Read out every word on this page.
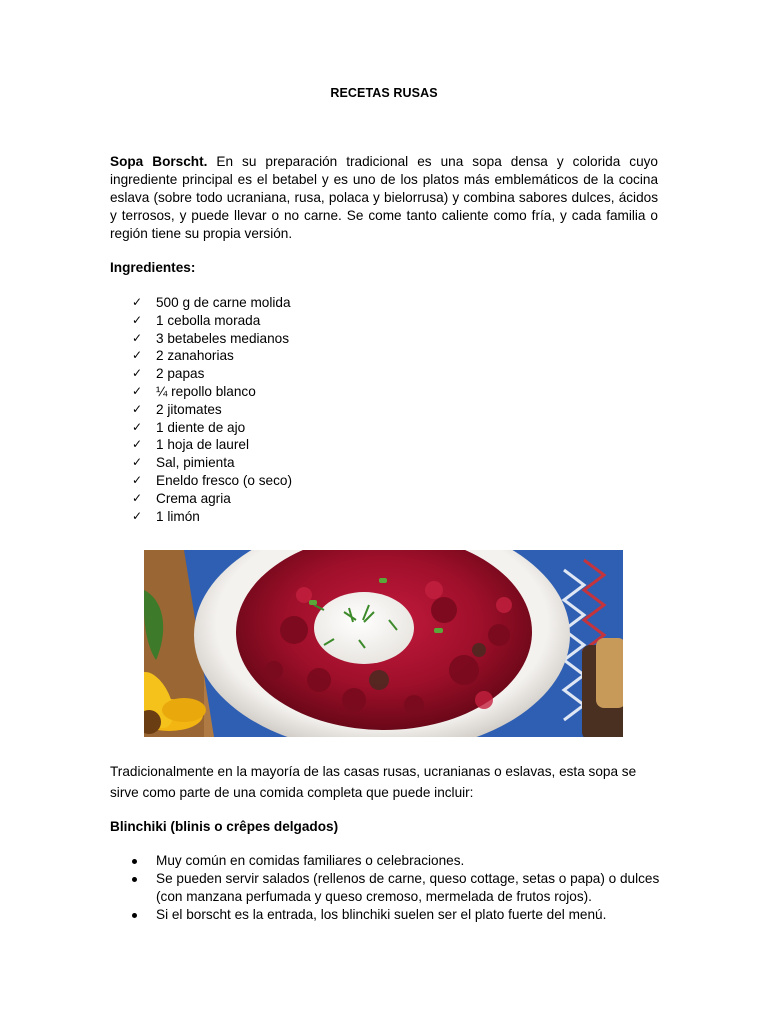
RECETAS RUSAS

Sopa Borscht. En su preparación tradicional es una sopa densa y colorida cuyo ingrediente principal es el betabel y es uno de los platos más emblemáticos de la cocina eslava (sobre todo ucraniana, rusa, polaca y bielorrusa) y combina sabores dulces, ácidos y terrosos, y puede llevar o no carne. Se come tanto caliente como fría, y cada familia o región tiene su propia versión.

Ingredientes:
✓ 500 g de carne molida
✓ 1 cebolla morada
✓ 3 betabeles medianos
✓ 2 zanahorias
✓ 2 papas
✓ ¼ repollo blanco
✓ 2 jitomates
✓ 1 diente de ajo
✓ 1 hoja de laurel
✓ Sal, pimienta
✓ Eneldo fresco (o seco)
✓ Crema agria
✓ 1 limón

Tradicionalmente en la mayoría de las casas rusas, ucranianas o eslavas, esta sopa se sirve como parte de una comida completa que puede incluir:

Blinchiki (blinis o crêpes delgados)
Muy común en comidas familiares o celebraciones.
Se pueden servir salados (rellenos de carne, queso cottage, setas o papa) o dulces (con manzana perfumada y queso cremoso, mermelada de frutos rojos).
Si el borscht es la entrada, los blinchiki suelen ser el plato fuerte del menú.
